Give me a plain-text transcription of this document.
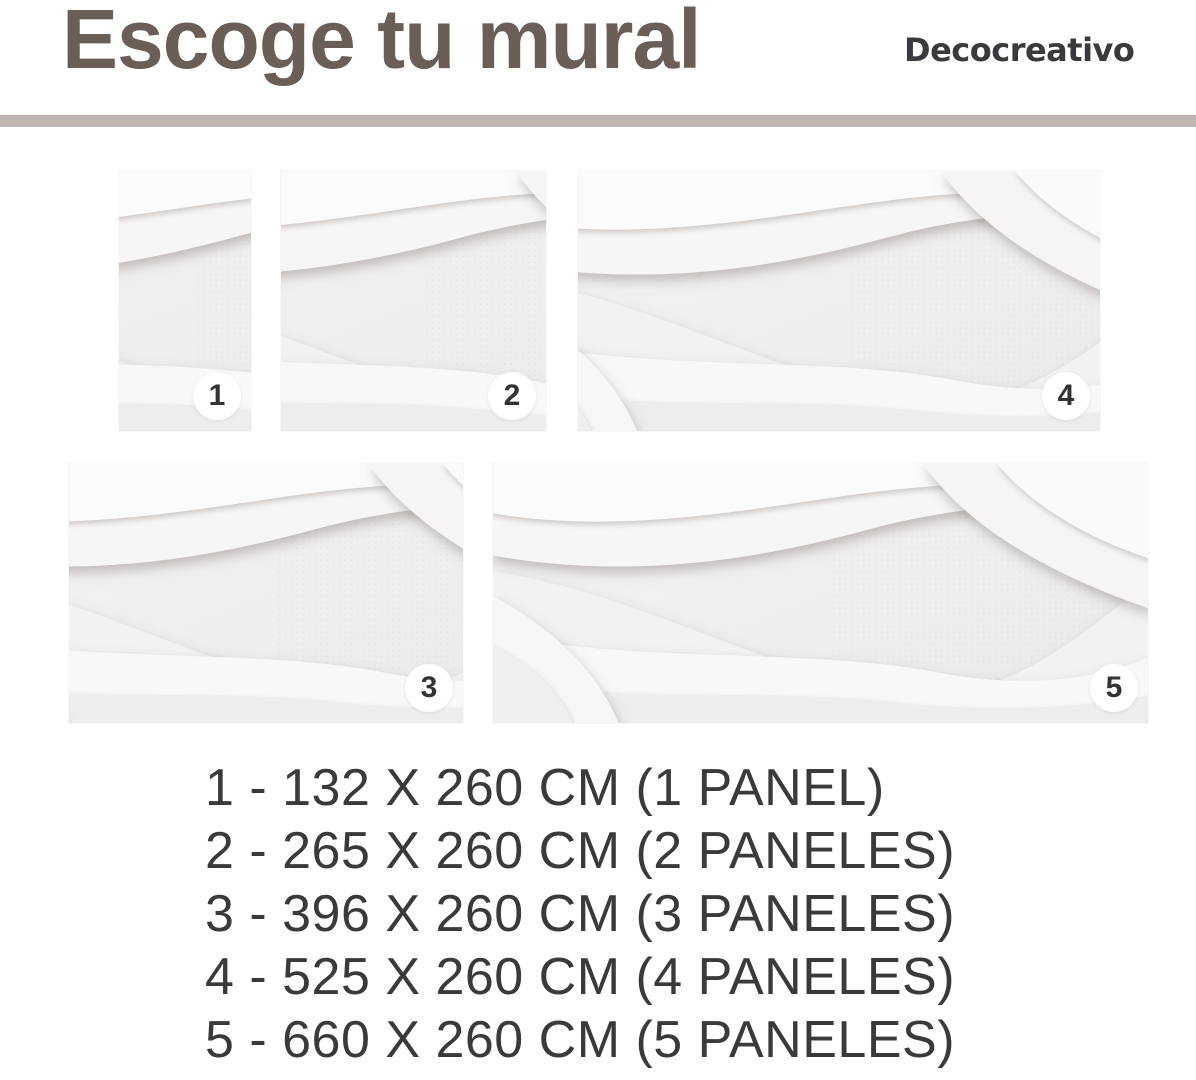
Escoge tu mural	Decocreativo
1	2	4
3	5
1 - 132 X 260 CM (1 PANEL)
2 - 265 X 260 CM (2 PANELES)
3 - 396 X 260 CM (3 PANELES)
4 - 525 X 260 CM (4 PANELES)
5 - 660 X 260 CM (5 PANELES)
